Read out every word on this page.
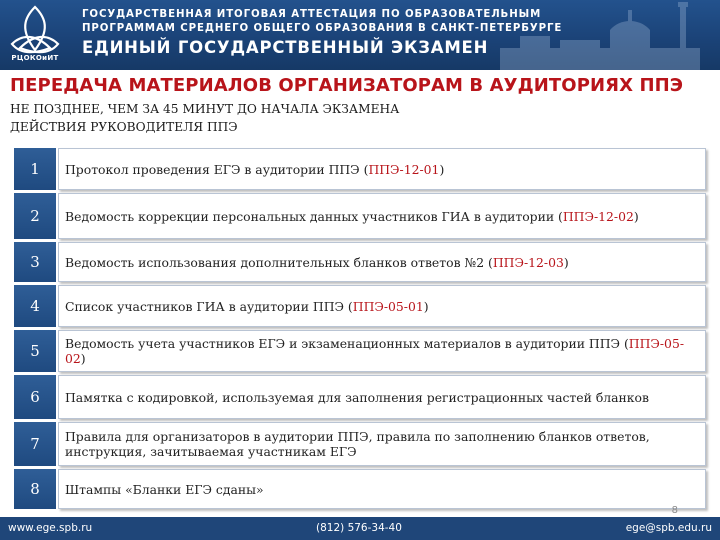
РЦОКОиИТ
ГОСУДАРСТВЕННАЯ ИТОГОВАЯ АТТЕСТАЦИЯ ПО ОБРАЗОВАТЕЛЬНЫМ
ПРОГРАММАМ СРЕДНЕГО ОБЩЕГО ОБРАЗОВАНИЯ В САНКТ-ПЕТЕРБУРГЕ
ЕДИНЫЙ ГОСУДАРСТВЕННЫЙ ЭКЗАМЕН
ПЕРЕДАЧА МАТЕРИАЛОВ ОРГАНИЗАТОРАМ В АУДИТОРИЯХ ППЭ
НЕ ПОЗДНЕЕ, ЧЕМ ЗА 45 МИНУТ ДО НАЧАЛА ЭКЗАМЕНА
ДЕЙСТВИЯ РУКОВОДИТЕЛЯ ППЭ
1 Протокол проведения ЕГЭ в аудитории ППЭ (ППЭ-12-01)

2 Ведомость коррекции персональных данных участников ГИА в аудитории (ППЭ-12-02)

3 Ведомость использования дополнительных бланков ответов №2 (ППЭ-12-03)

4 Список участников ГИА в аудитории ППЭ (ППЭ-05-01)

5 Ведомость учета участников ЕГЭ и экзаменационных материалов в аудитории ППЭ (ППЭ-05-02)

6 Памятка с кодировкой, используемая для заполнения регистрационных частей бланков

7 Правила для организаторов в аудитории ППЭ, правила по заполнению бланков ответов, инструкция, зачитываемая участникам ЕГЭ

8 Штампы «Бланки ЕГЭ сданы»

8
www.ege.spb.ru	(812) 576-34-40	ege@spb.edu.ru
